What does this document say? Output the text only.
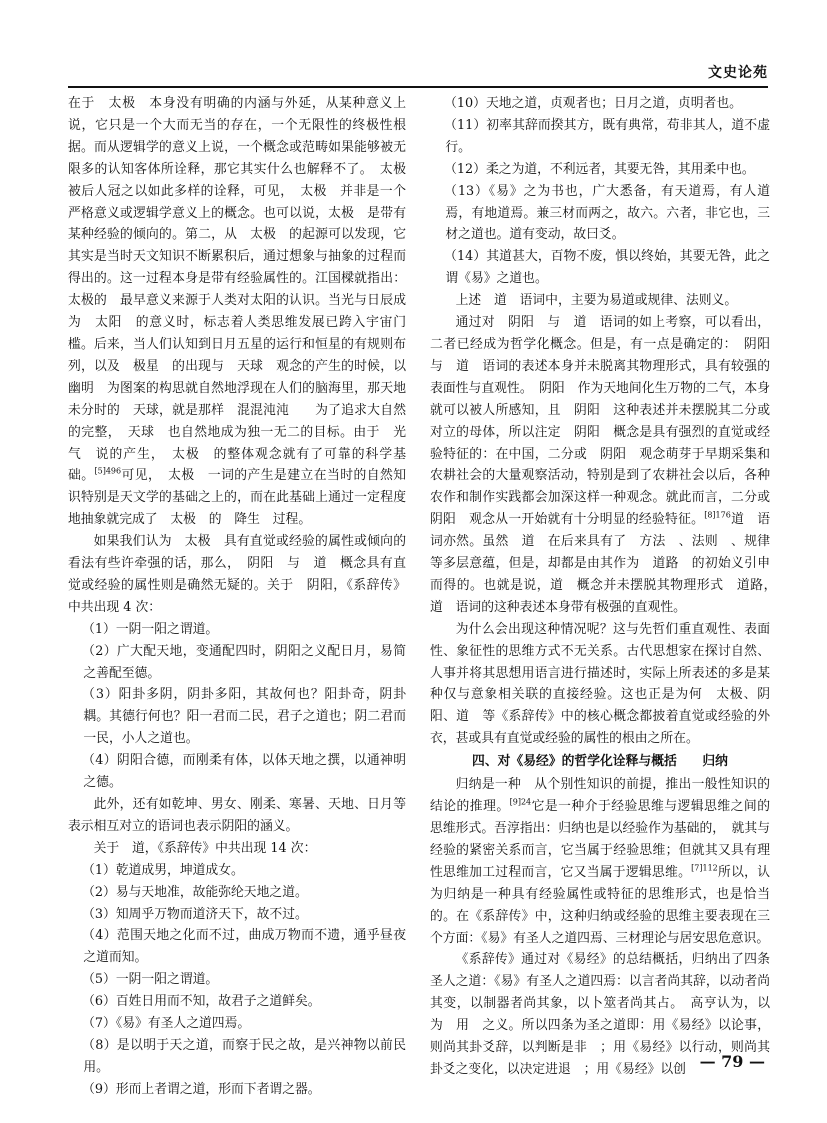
文史论苑

在于　太极　本身没有明确的内涵与外延，从某种意义上说，它只是一个大而无当的存在，一个无限性的终极性根据。而从逻辑学的意义上说，一个概念或范畴如果能够被无限多的认知客体所诠释，那它其实什么也解释不了。　太极　被后人冠之以如此多样的诠释，可见，　太极　并非是一个严格意义或逻辑学意义上的概念。也可以说，太极　是带有某种经验的倾向的。第二，从　太极　的起源可以发现，它其实是当时天文知识不断累积后，通过想象与抽象的过程而得出的。这一过程本身是带有经验属性的。江国樑就指出：太极的　最早意义来源于人类对太阳的认识。当光与日辰成为　太阳　的意义时，标志着人类思维发展已跨入宇宙门槛。后来，当人们认知到日月五星的运行和恒星的有规则布列，以及　极星　的出现与　天球　观念的产生的时候，以　幽明　为图案的构思就自然地浮现在人们的脑海里，那天地未分时的　天球，就是那样　混混沌沌　　为了追求大自然的完整，　天球　也自然地成为独一无二的目标。由于　光　　气　说的产生，　太极　的整体观念就有了可靠的科学基础。$^{[5]496}$可见，　太极　一词的产生是建立在当时的自然知识特别是天文学的基础之上的，而在此基础上通过一定程度地抽象就完成了　太极　的　降生　过程。

如果我们认为　太极　具有直觉或经验的属性或倾向的看法有些许牵强的话，那么，　阴阳　与　道　概念具有直觉或经验的属性则是确然无疑的。关于　阴阳，《系辞传》中共出现 4 次：

（1）一阴一阳之谓道。

（2）广大配天地，变通配四时，阴阳之义配日月，易简之善配至德。

（3）阳卦多阴，阴卦多阳，其故何也？阳卦奇，阴卦耦。其德行何也？阳一君而二民，君子之道也；阴二君而一民，小人之道也。

（4）阴阳合德，而刚柔有体，以体天地之撰，以通神明之德。

此外，还有如乾坤、男女、刚柔、寒暑、天地、日月等表示相互对立的语词也表示阴阳的涵义。

关于　道，《系辞传》中共出现 14 次：

（1）乾道成男，坤道成女。

（2）易与天地准，故能弥纶天地之道。

（3）知周乎万物而道济天下，故不过。

（4）范围天地之化而不过，曲成万物而不遗，通乎昼夜之道而知。

（5）一阴一阳之谓道。

（6）百姓日用而不知，故君子之道鲜矣。

（7）《易》有圣人之道四焉。

（8）是以明于天之道，而察于民之故，是兴神物以前民用。

（9）形而上者谓之道，形而下者谓之器。

（10）天地之道，贞观者也；日月之道，贞明者也。

（11）初率其辞而揆其方，既有典常，苟非其人，道不虚行。

（12）柔之为道，不利远者，其要无咎，其用柔中也。

（13）《易》之为书也，广大悉备，有天道焉，有人道焉，有地道焉。兼三材而两之，故六。六者，非它也，三材之道也。道有变动，故曰爻。

（14）其道甚大，百物不废，惧以终始，其要无咎，此之谓《易》之道也。

上述　道　语词中，主要为易道或规律、法则义。

通过对　阴阳　与　道　语词的如上考察，可以看出，二者已经成为哲学化概念。但是，有一点是确定的：　阴阳　与　道　语词的表述本身并未脱离其物理形式，具有较强的表面性与直观性。　阴阳　作为天地间化生万物的二气，本身就可以被人所感知，且　阴阳　这种表述并未摆脱其二分或对立的母体，所以注定　阴阳　概念是具有强烈的直觉或经验特征的：在中国，二分或　阴阳　观念萌芽于早期采集和农耕社会的大量观察活动，特别是到了农耕社会以后，各种农作和制作实践都会加深这样一种观念。就此而言，二分或　阴阳　观念从一开始就有十分明显的经验特征。$^{[8]176}$道　语词亦然。虽然　道　在后来具有了　方法　、法则　、规律　等多层意蕴，但是，却都是由其作为　道路　的初始义引申而得的。也就是说，道　概念并未摆脱其物理形式　道路，　道　语词的这种表述本身带有极强的直观性。

为什么会出现这种情况呢？这与先哲们重直观性、表面性、象征性的思维方式不无关系。古代思想家在探讨自然、人事并将其思想用语言进行描述时，实际上所表述的多是某种仅与意象相关联的直接经验。这也正是为何　太极、阴阳、道　等《系辞传》中的核心概念都披着直觉或经验的外衣，甚或具有直觉或经验的属性的根由之所在。

四、对《易经》的哲学化诠释与概括　　归纳

归纳是一种　从个别性知识的前提，推出一般性知识的结论的推理。$^{[9]24}$它是一种介于经验思维与逻辑思维之间的思维形式。吾淳指出：归纳也是以经验作为基础的，　就其与经验的紧密关系而言，它当属于经验思维；但就其又具有理性思维加工过程而言，它又当属于逻辑思维。$^{[7]112}$所以，认为归纳是一种具有经验属性或特征的思维形式，也是恰当的。在《系辞传》中，这种归纳或经验的思维主要表现在三个方面：《易》有圣人之道四焉、三材理论与居安思危意识。

《系辞传》通过对《易经》的总结概括，归纳出了四条圣人之道：《易》有圣人之道四焉：以言者尚其辞，以动者尚其变，以制器者尚其象，以卜筮者尚其占。　高亨认为，以　为　用　之义。所以四条为圣之道即：用《易经》以论事，则尚其卦爻辞，以判断是非　；用《易经》以行动，则尚其卦爻之变化，以决定进退　；用《易经》以创 — 79 —
